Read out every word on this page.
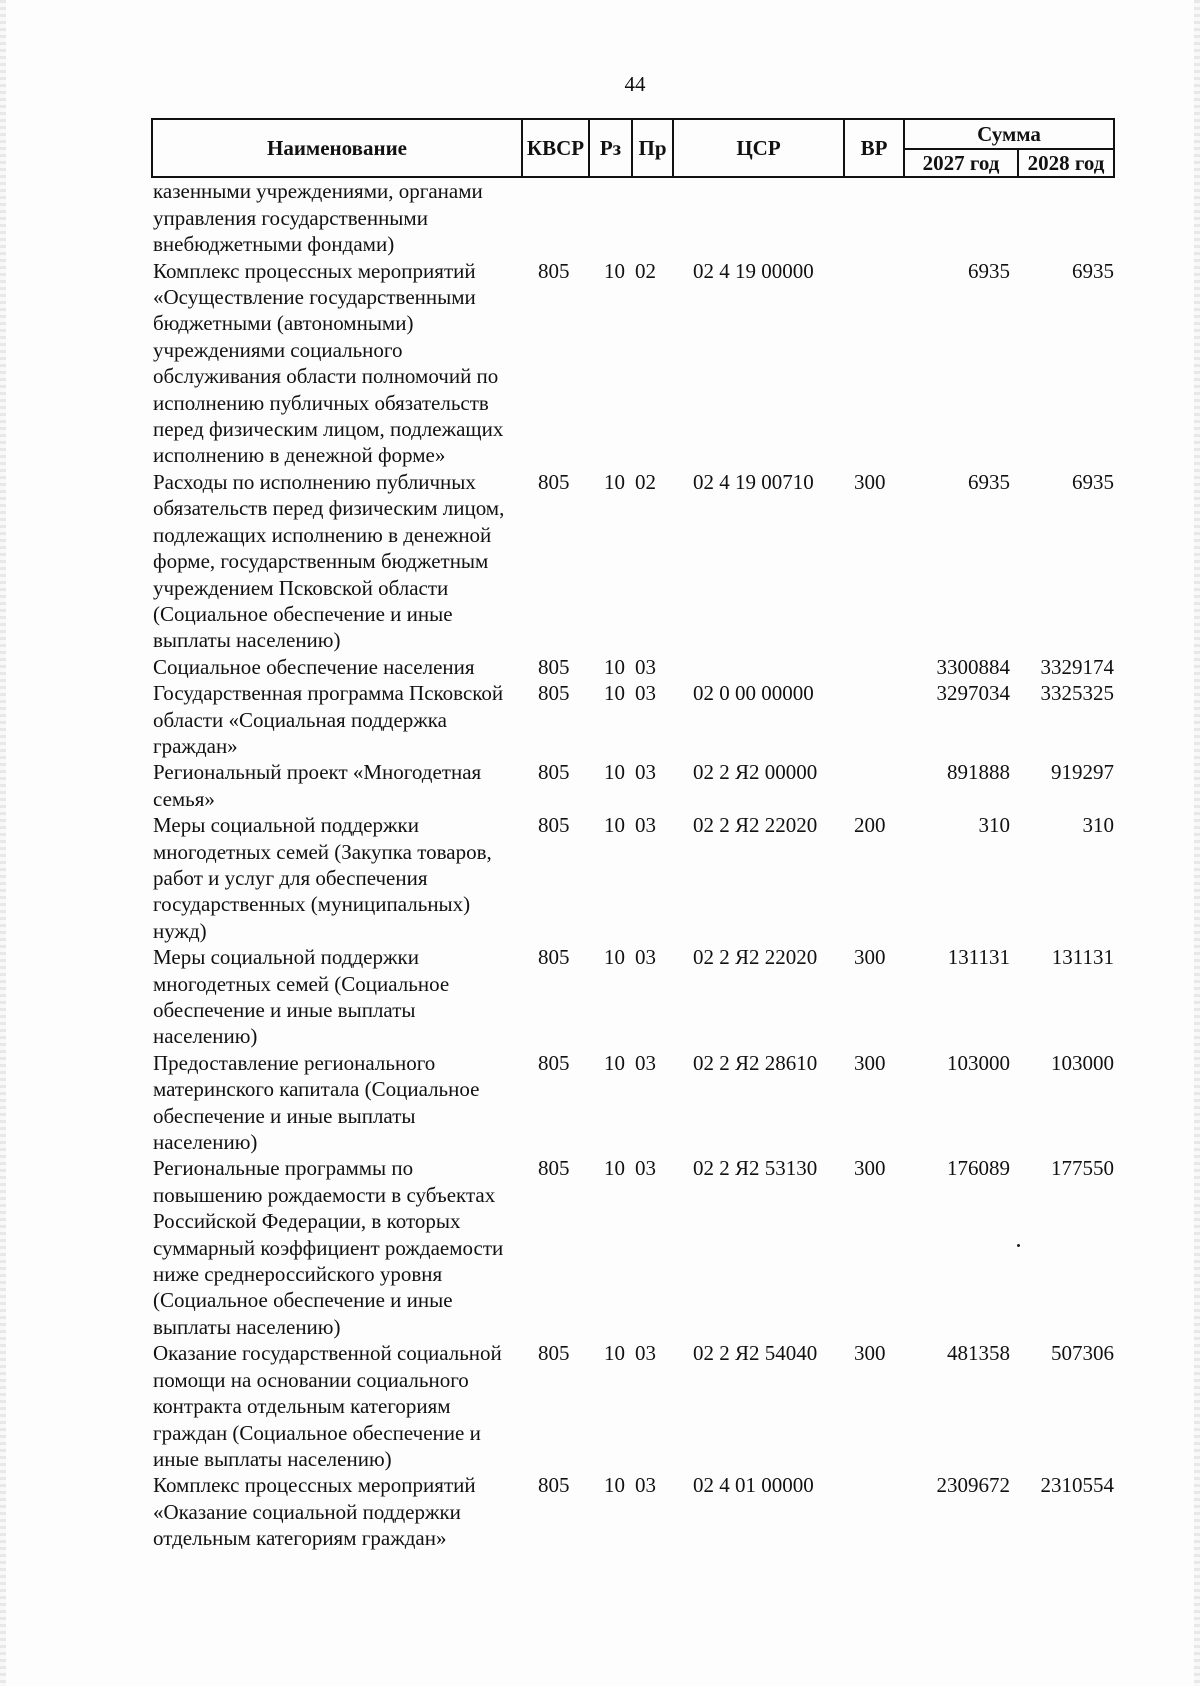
44
Наименование	КВСР	Рз	Пр	ЦСР	ВР	Сумма	
						2027 год	2028 год
казенными учреждениями, органами управления государственными внебюджетными фондами)							
Комплекс процессных мероприятий «Осуществление государственными бюджетными (автономными) учреждениями социального обслуживания области полномочий по исполнению публичных обязательств перед физическим лицом, подлежащих исполнению в денежной форме»	805	10	02	02 4 19 00000		6935	6935
Расходы по исполнению публичных обязательств перед физическим лицом, подлежащих исполнению в денежной форме, государственным бюджетным учреждением Псковской области (Социальное обеспечение и иные выплаты населению)	805	10	02	02 4 19 00710	300	6935	6935
Социальное обеспечение населения	805	10	03			3300884	3329174
Государственная программа Псковской области «Социальная поддержка граждан»	805	10	03	02 0 00 00000		3297034	3325325
Региональный проект «Многодетная семья»	805	10	03	02 2 Я2 00000		891888	919297
Меры социальной поддержки многодетных семей (Закупка товаров, работ и услуг для обеспечения государственных (муниципальных) нужд)	805	10	03	02 2 Я2 22020	200	310	310
Меры социальной поддержки многодетных семей (Социальное обеспечение и иные выплаты населению)	805	10	03	02 2 Я2 22020	300	131131	131131
Предоставление регионального материнского капитала (Социальное обеспечение и иные выплаты населению)	805	10	03	02 2 Я2 28610	300	103000	103000
Региональные программы по повышению рождаемости в субъектах Российской Федерации, в которых суммарный коэффициент рождаемости ниже среднероссийского уровня (Социальное обеспечение и иные выплаты населению)	805	10	03	02 2 Я2 53130	300	176089	177550
Оказание государственной социальной помощи на основании социального контракта отдельным категориям граждан (Социальное обеспечение и иные выплаты населению)	805	10	03	02 2 Я2 54040	300	481358	507306
Комплекс процессных мероприятий «Оказание социальной поддержки отдельным категориям граждан»	805	10	03	02 4 01 00000		2309672	2310554
